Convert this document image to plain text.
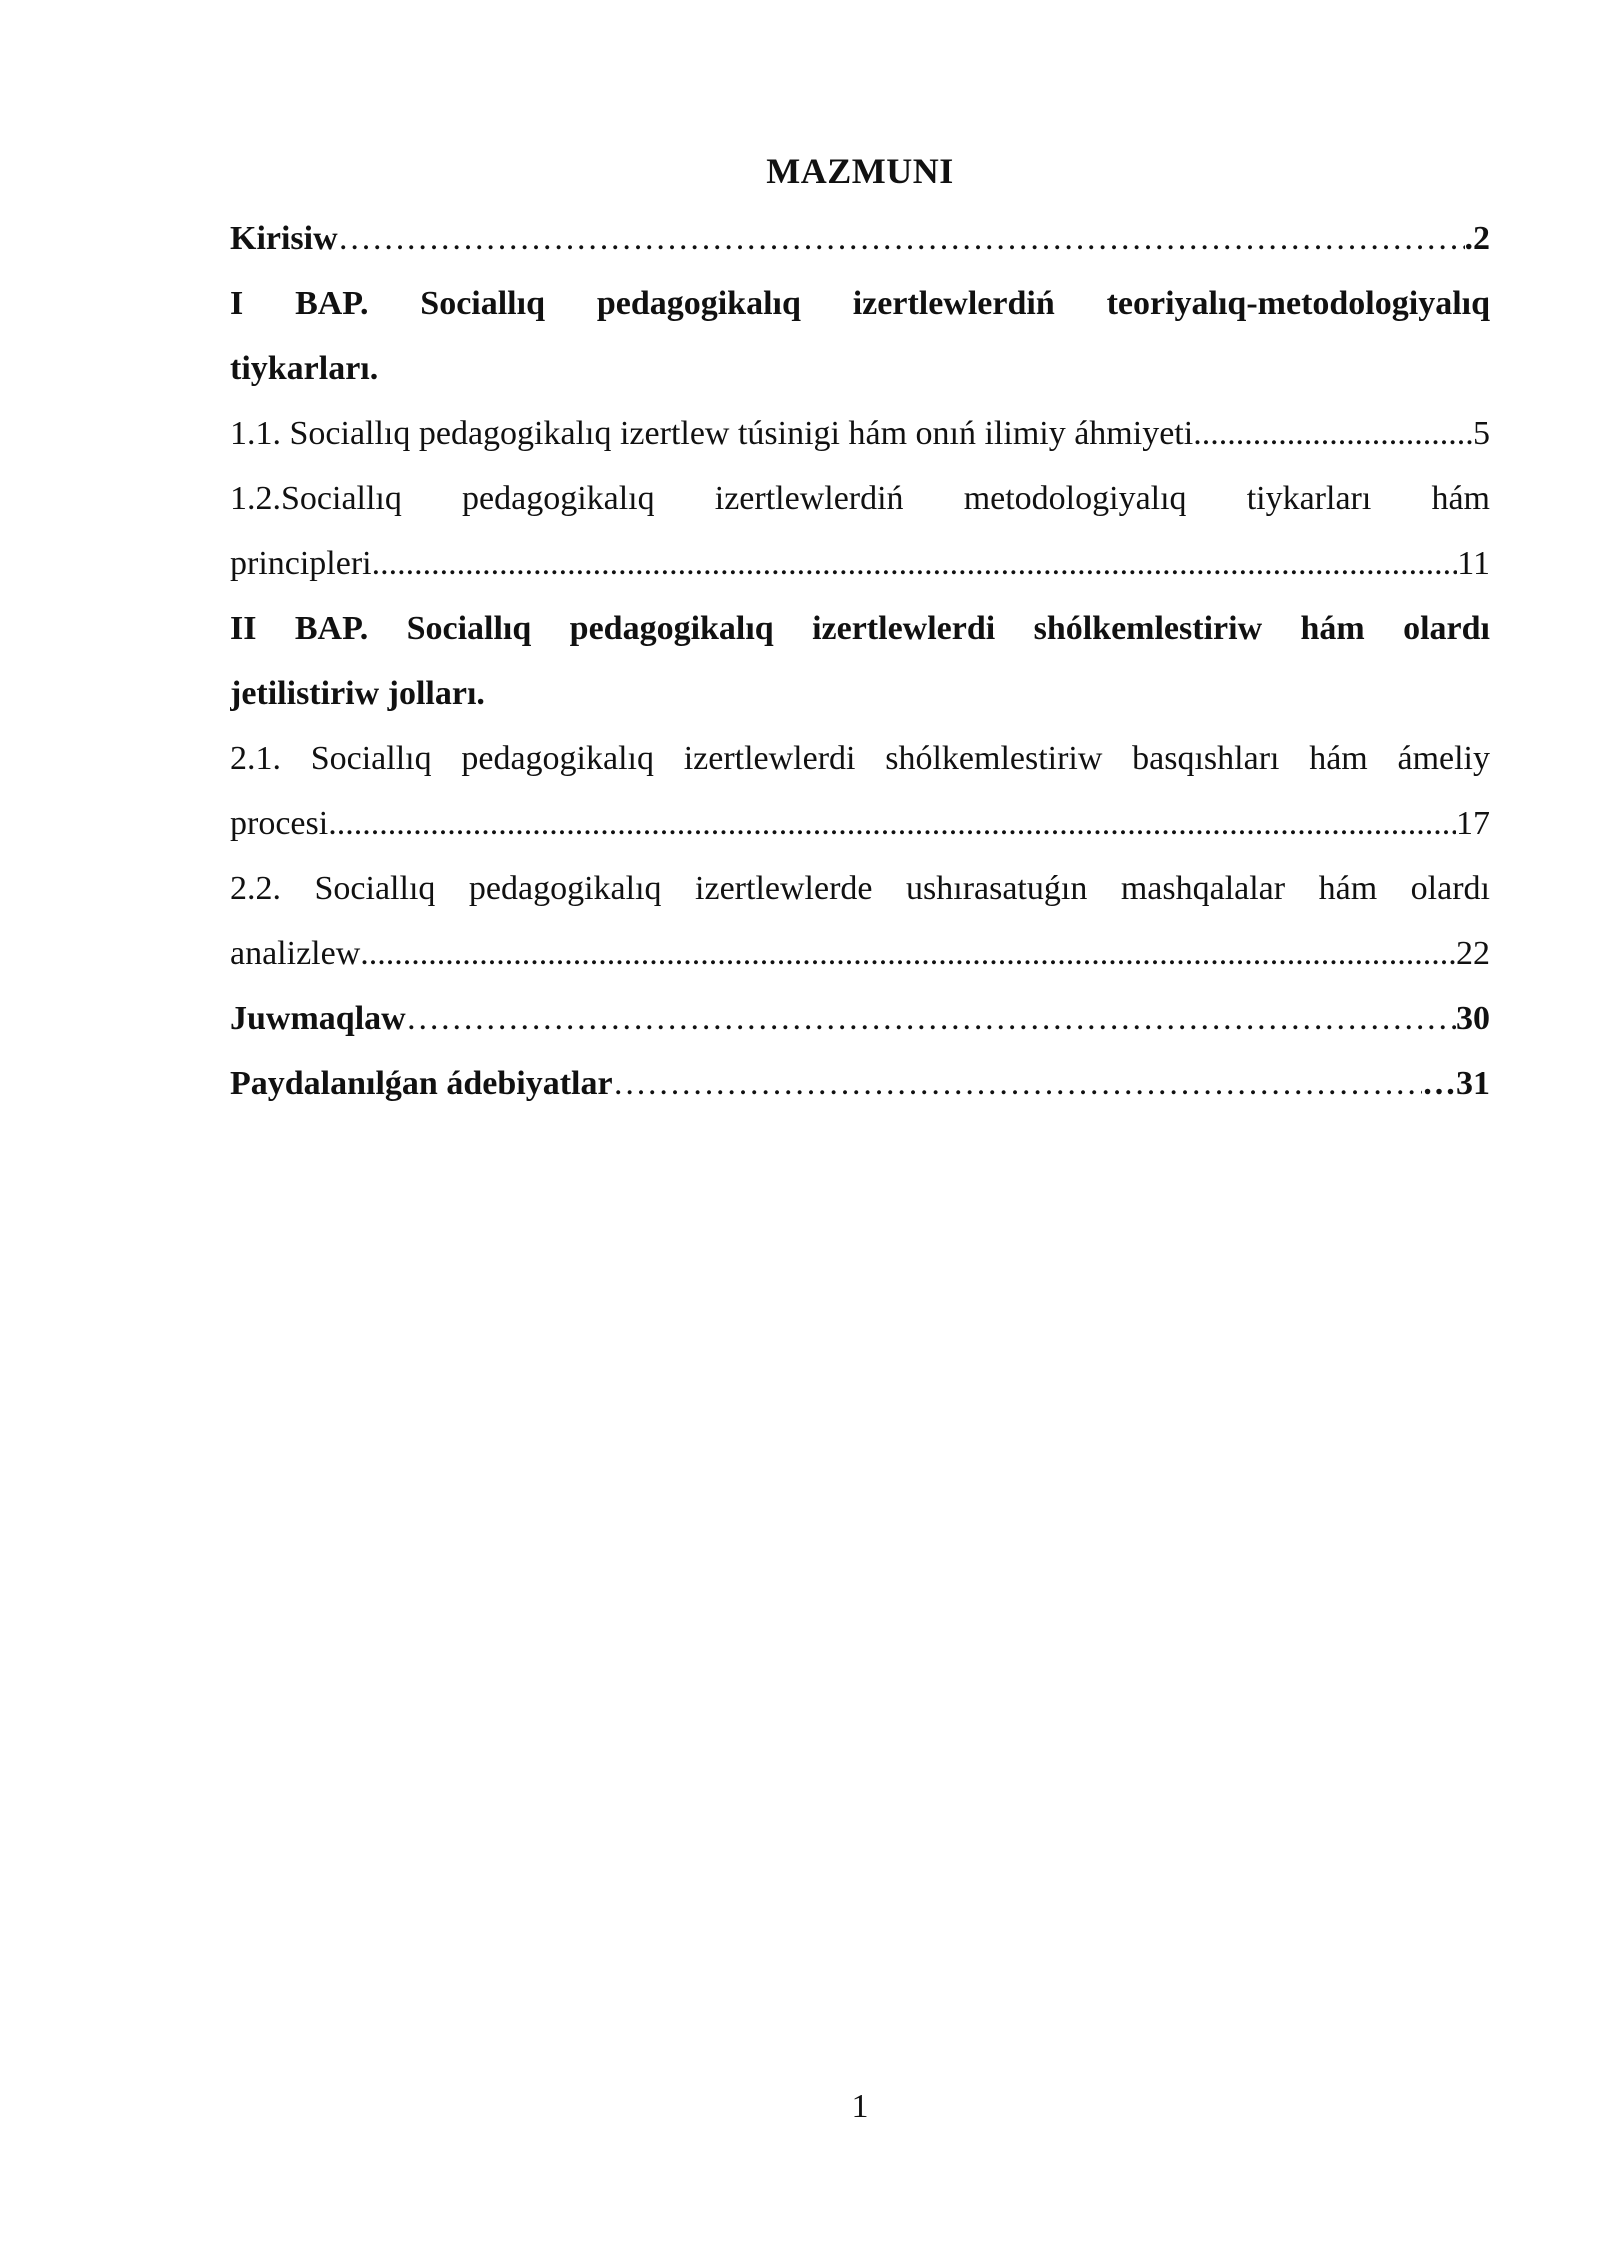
MAZMUNI
Kirisiw ……………………………………………………………………………………………………………………………………………………………………………………………	.2
I BAP. Sociallıq pedagogikalıq izertlewlerdiń teoriyalıq-metodologiyalıq
tiykarları.
1.1. Sociallıq pedagogikalıq izertlew túsinigi hám onıń ilimiy áhmiyeti .....	5
1.2.Sociallıq pedagogikalıq izertlewlerdiń metodologiyalıq tiykarları hám
principleri .....	11
II BAP. Sociallıq pedagogikalıq izertlewlerdi shólkemlestiriw hám olardı
jetilistiriw jolları.
2.1. Sociallıq pedagogikalıq izertlewlerdi shólkemlestiriw basqıshları hám ámeliy
procesi .....	17
2.2. Sociallıq pedagogikalıq izertlewlerde ushırasatuǵın mashqalalar hám olardı
analizlew .....	22
Juwmaqlaw ……………………………………………………………………………………………………………………………………………………………………………………………	30
Paydalanılǵan ádebiyatlar ……………………………………………………………………………………………………………………………………………………………………………………………	…31
1
